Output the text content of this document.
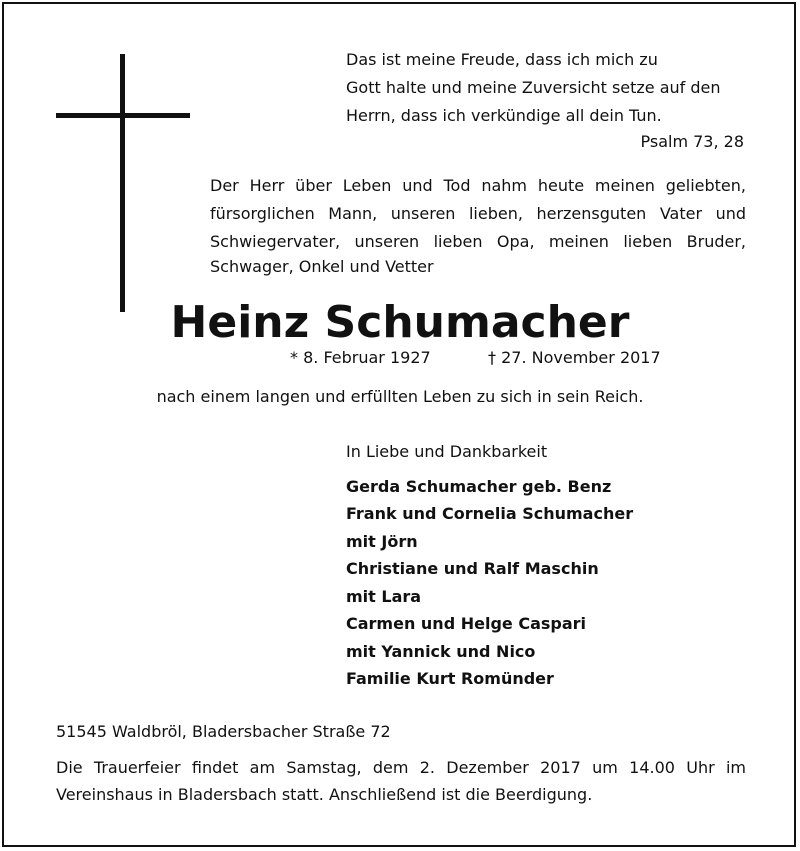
Das ist meine Freude, dass ich mich zu
Gott halte und meine Zuversicht setze auf den
Herrn, dass ich verkündige all dein Tun.
Psalm 73, 28
Der Herr über Leben und Tod nahm heute meinen geliebten,
fürsorglichen Mann, unseren lieben, herzensguten Vater und
Schwiegervater, unseren lieben Opa, meinen lieben Bruder,
Schwager, Onkel und Vetter
Heinz Schumacher
* 8. Februar 1927	† 27. November 2017
nach einem langen und erfüllten Leben zu sich in sein Reich.
In Liebe und Dankbarkeit
Gerda Schumacher geb. Benz
Frank und Cornelia Schumacher
mit Jörn
Christiane und Ralf Maschin
mit Lara
Carmen und Helge Caspari
mit Yannick und Nico
Familie Kurt Romünder
51545 Waldbröl, Bladersbacher Straße 72
Die Trauerfeier findet am Samstag, dem 2. Dezember 2017 um 14.00 Uhr im
Vereinshaus in Bladersbach statt. Anschließend ist die Beerdigung.
